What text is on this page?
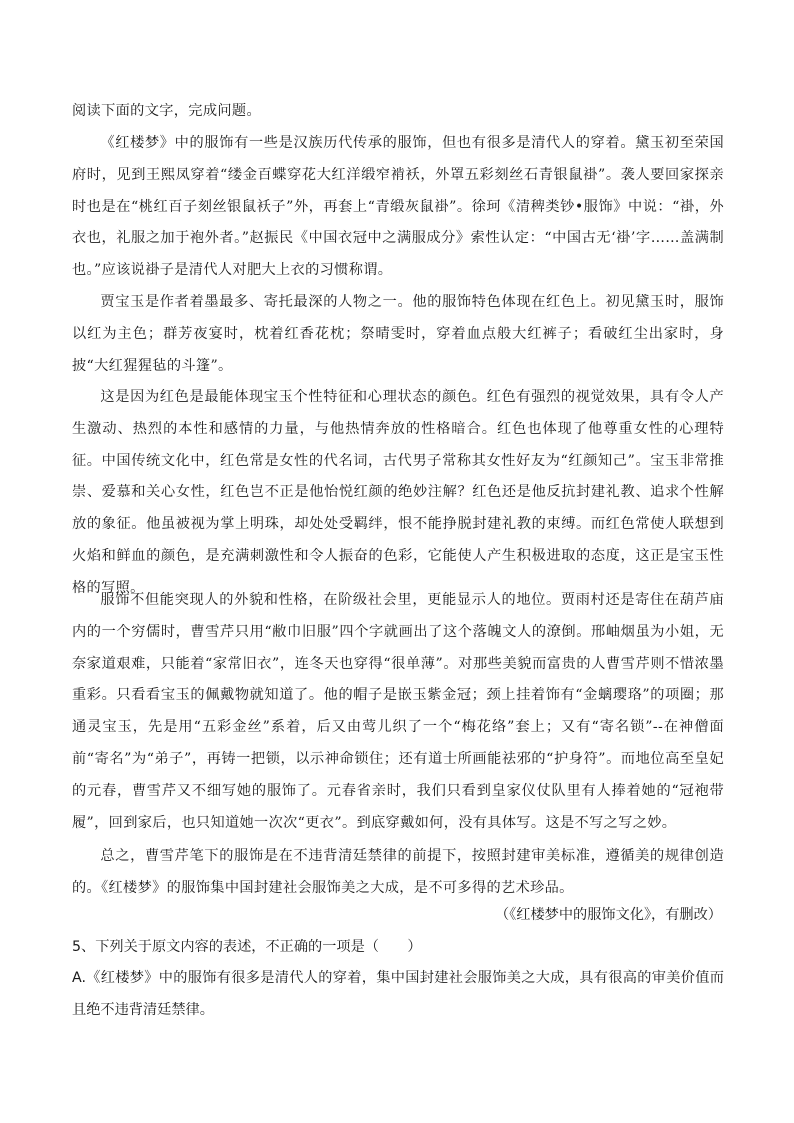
阅读下面的文字，完成问题。

《红楼梦》中的服饰有一些是汉族历代传承的服饰，但也有很多是清代人的穿着。黛玉初至荣国府时，见到王熙凤穿着“缕金百蝶穿花大红洋缎窄褃袄，外罩五彩刻丝石青银鼠褂”。袭人要回家探亲时也是在“桃红百子刻丝银鼠袄子”外，再套上“青缎灰鼠褂”。徐珂《清稗类钞•服饰》中说：“褂，外衣也，礼服之加于袍外者。”赵振民《中国衣冠中之满服成分》索性认定：“中国古无‘褂’字……盖满制也。”应该说褂子是清代人对肥大上衣的习惯称谓。

贾宝玉是作者着墨最多、寄托最深的人物之一。他的服饰特色体现在红色上。初见黛玉时，服饰以红为主色；群芳夜宴时，枕着红香花枕；祭晴雯时，穿着血点般大红裤子；看破红尘出家时，身披“大红猩猩毡的斗篷”。

这是因为红色是最能体现宝玉个性特征和心理状态的颜色。红色有强烈的视觉效果，具有令人产生激动、热烈的本性和感情的力量，与他热情奔放的性格暗合。红色也体现了他尊重女性的心理特征。中国传统文化中，红色常是女性的代名词，古代男子常称其女性好友为“红颜知己”。宝玉非常推崇、爱慕和关心女性，红色岂不正是他怡悦红颜的绝妙注解？红色还是他反抗封建礼教、追求个性解放的象征。他虽被视为掌上明珠，却处处受羁绊，恨不能挣脱封建礼教的束缚。而红色常使人联想到火焰和鲜血的颜色，是充满刺激性和令人振奋的色彩，它能使人产生积极进取的态度，这正是宝玉性格的写照。

服饰不但能突现人的外貌和性格，在阶级社会里，更能显示人的地位。贾雨村还是寄住在葫芦庙内的一个穷儒时，曹雪芹只用“敝巾旧服”四个字就画出了这个落魄文人的潦倒。邢岫烟虽为小姐，无奈家道艰难，只能着“家常旧衣”，连冬天也穿得“很单薄”。对那些美貌而富贵的人曹雪芹则不惜浓墨重彩。只看看宝玉的佩戴物就知道了。他的帽子是嵌玉紫金冠；颈上挂着饰有“金螭璎珞”的项圈；那通灵宝玉，先是用“五彩金丝”系着，后又由莺儿织了一个“梅花络”套上；又有“寄名锁”--在神僧面前“寄名”为“弟子”，再铸一把锁，以示神命锁住；还有道士所画能祛邪的“护身符”。而地位高至皇妃的元春，曹雪芹又不细写她的服饰了。元春省亲时，我们只看到皇家仪仗队里有人捧着她的“冠袍带履”，回到家后，也只知道她一次次“更衣”。到底穿戴如何，没有具体写。这是不写之写之妙。

总之，曹雪芹笔下的服饰是在不违背清廷禁律的前提下，按照封建审美标准，遵循美的规律创造的。《红楼梦》的服饰集中国封建社会服饰美之大成，是不可多得的艺术珍品。

（《红楼梦中的服饰文化》，有删改）
5、下列关于原文内容的表述，不正确的一项是（　　）
A.《红楼梦》中的服饰有很多是清代人的穿着，集中国封建社会服饰美之大成，具有很高的审美价值而且绝不违背清廷禁律。
